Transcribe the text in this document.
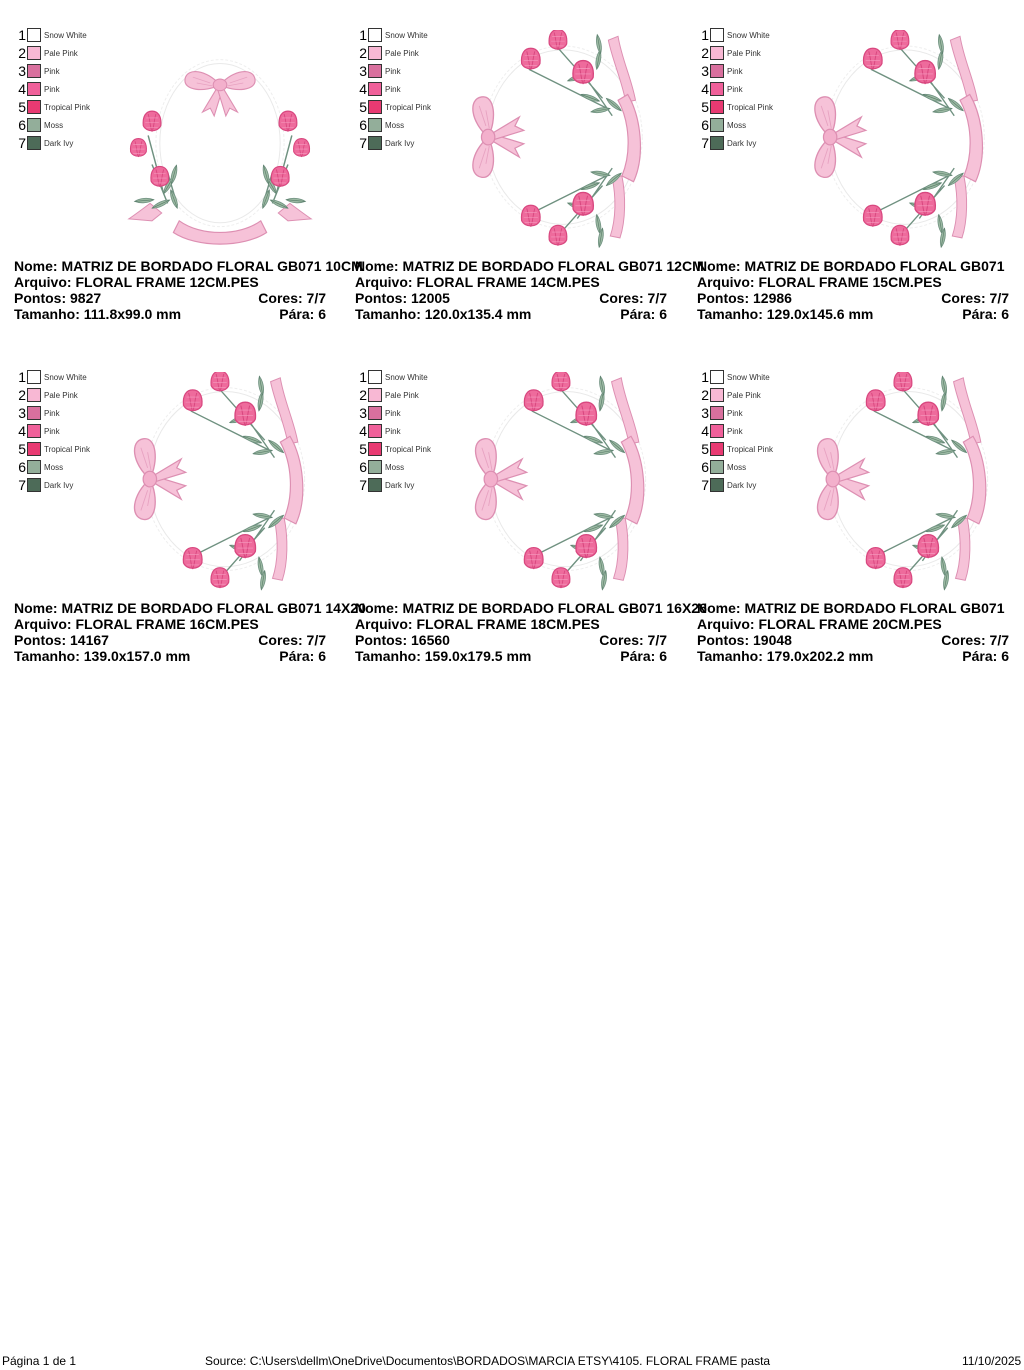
1 Snow White
2 Pale Pink
3 Pink
4 Pink
5 Tropical Pink
6 Moss
7 Dark Ivy
Nome: MATRIZ DE BORDADO FLORAL GB071 10CM
Arquivo: FLORAL FRAME 12CM.PES
Pontos: 9827	Cores: 7/7
Tamanho: 111.8x99.0 mm	Pára: 6
1 Snow White
2 Pale Pink
3 Pink
4 Pink
5 Tropical Pink
6 Moss
7 Dark Ivy
Nome: MATRIZ DE BORDADO FLORAL GB071 12CM
Arquivo: FLORAL FRAME 14CM.PES
Pontos: 12005	Cores: 7/7
Tamanho: 120.0x135.4 mm	Pára: 6
1 Snow White
2 Pale Pink
3 Pink
4 Pink
5 Tropical Pink
6 Moss
7 Dark Ivy
Nome: MATRIZ DE BORDADO FLORAL GB071
Arquivo: FLORAL FRAME 15CM.PES
Pontos: 12986	Cores: 7/7
Tamanho: 129.0x145.6 mm	Pára: 6
1 Snow White
2 Pale Pink
3 Pink
4 Pink
5 Tropical Pink
6 Moss
7 Dark Ivy
Nome: MATRIZ DE BORDADO FLORAL GB071 14X20
Arquivo: FLORAL FRAME 16CM.PES
Pontos: 14167	Cores: 7/7
Tamanho: 139.0x157.0 mm	Pára: 6
1 Snow White
2 Pale Pink
3 Pink
4 Pink
5 Tropical Pink
6 Moss
7 Dark Ivy
Nome: MATRIZ DE BORDADO FLORAL GB071 16X26
Arquivo: FLORAL FRAME 18CM.PES
Pontos: 16560	Cores: 7/7
Tamanho: 159.0x179.5 mm	Pára: 6
1 Snow White
2 Pale Pink
3 Pink
4 Pink
5 Tropical Pink
6 Moss
7 Dark Ivy
Nome: MATRIZ DE BORDADO FLORAL GB071
Arquivo: FLORAL FRAME 20CM.PES
Pontos: 19048	Cores: 7/7
Tamanho: 179.0x202.2 mm	Pára: 6
Página 1 de 1	Source: C:\Users\dellm\OneDrive\Documentos\BORDADOS\MARCIA ETSY\4105. FLORAL FRAME pasta	11/10/2025
